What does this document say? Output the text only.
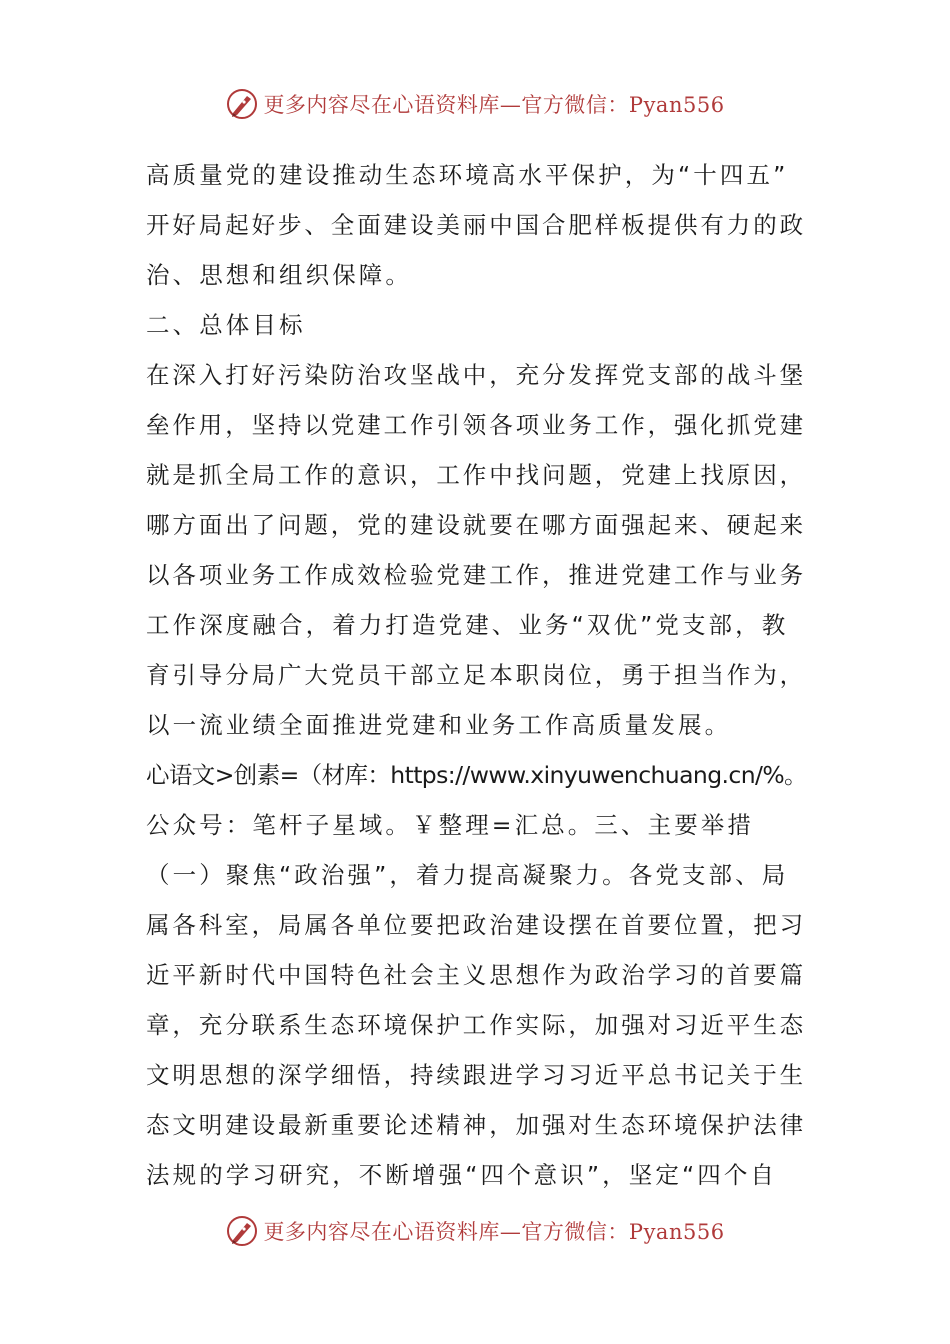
更多内容尽在心语资料库—官方微信：Pyan556
高质量党的建设推动生态环境高水平保护，为“十四五”
开好局起好步、全面建设美丽中国合肥样板提供有力的政
治、思想和组织保障。
二、总体目标
在深入打好污染防治攻坚战中，充分发挥党支部的战斗堡
垒作用，坚持以党建工作引领各项业务工作，强化抓党建
就是抓全局工作的意识，工作中找问题，党建上找原因，
哪方面出了问题，党的建设就要在哪方面强起来、硬起来
以各项业务工作成效检验党建工作，推进党建工作与业务
工作深度融合，着力打造党建、业务“双优”党支部，教
育引导分局广大党员干部立足本职岗位，勇于担当作为，
以一流业绩全面推进党建和业务工作高质量发展。
心语文>创素=（材库：https://www.xinyuwenchuang.cn/%。
公众号：笔杆子星域。￥整理=汇总。三、主要举措
（一）聚焦“政治强”，着力提高凝聚力。各党支部、局
属各科室，局属各单位要把政治建设摆在首要位置，把习
近平新时代中国特色社会主义思想作为政治学习的首要篇
章，充分联系生态环境保护工作实际，加强对习近平生态
文明思想的深学细悟，持续跟进学习习近平总书记关于生
态文明建设最新重要论述精神，加强对生态环境保护法律
法规的学习研究，不断增强“四个意识”，坚定“四个自
更多内容尽在心语资料库—官方微信：Pyan556
